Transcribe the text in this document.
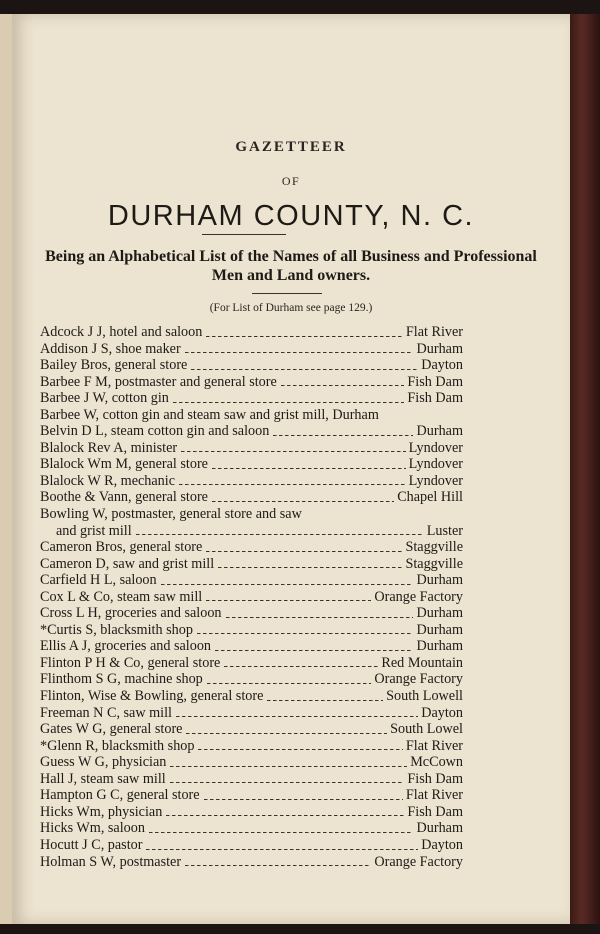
GAZETTEER
OF
DURHAM COUNTY, N. C.
Being an Alphabetical List of the Names of all Business and Professional Men and Land owners.
(For List of Durham see page 129.)
Adcock J J, hotel and saloon	Flat River
Addison J S, shoe maker	Durham
Bailey Bros, general store	Dayton
Barbee F M, postmaster and general store	Fish Dam
Barbee J W, cotton gin	Fish Dam
Barbee W, cotton gin and steam saw and grist mill, Durham
Belvin D L, steam cotton gin and saloon	Durham
Blalock Rev A, minister	Lyndover
Blalock Wm M, general store	Lyndover
Blalock W R, mechanic	Lyndover
Boothe & Vann, general store	Chapel Hill
Bowling W, postmaster, general store and saw
and grist mill	Luster
Cameron Bros, general store	Staggville
Cameron D, saw and grist mill	Staggville
Carfield H L, saloon	Durham
Cox L & Co, steam saw mill	Orange Factory
Cross L H, groceries and saloon	Durham
*Curtis S, blacksmith shop	Durham
Ellis A J, groceries and saloon	Durham
Flinton P H & Co, general store	Red Mountain
Flinthom S G, machine shop	Orange Factory
Flinton, Wise & Bowling, general store	South Lowell
Freeman N C, saw mill	Dayton
Gates W G, general store	South Lowel
*Glenn R, blacksmith shop	Flat River
Guess W G, physician	McCown
Hall J, steam saw mill	Fish Dam
Hampton G C, general store	Flat River
Hicks Wm, physician	Fish Dam
Hicks Wm, saloon	Durham
Hocutt J C, pastor	Dayton
Holman S W, postmaster	Orange Factory
